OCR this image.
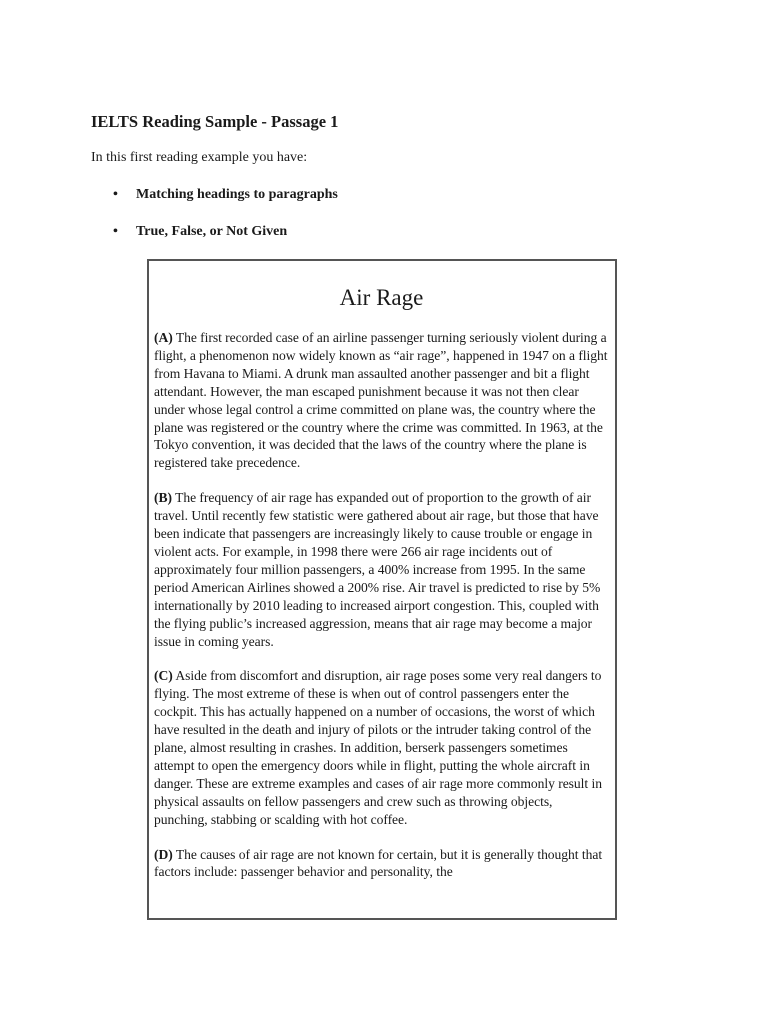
IELTS Reading Sample - Passage 1

In this first reading example you have:

• Matching headings to paragraphs
• True, False, or Not Given
Air Rage

(A) The first recorded case of an airline passenger turning seriously violent during a flight, a phenomenon now widely known as “air rage”, happened in 1947 on a flight from Havana to Miami. A drunk man assaulted another passenger and bit a flight attendant. However, the man escaped punishment because it was not then clear under whose legal control a crime committed on plane was, the country where the plane was registered or the country where the crime was committed. In 1963, at the Tokyo convention, it was decided that the laws of the country where the plane is registered take precedence.

(B) The frequency of air rage has expanded out of proportion to the growth of air travel. Until recently few statistic were gathered about air rage, but those that have been indicate that passengers are increasingly likely to cause trouble or engage in violent acts. For example, in 1998 there were 266 air rage incidents out of approximately four million passengers, a 400% increase from 1995. In the same period American Airlines showed a 200% rise. Air travel is predicted to rise by 5% internationally by 2010 leading to increased airport congestion. This, coupled with the flying public’s increased aggression, means that air rage may become a major issue in coming years.

(C) Aside from discomfort and disruption, air rage poses some very real dangers to flying. The most extreme of these is when out of control passengers enter the cockpit. This has actually happened on a number of occasions, the worst of which have resulted in the death and injury of pilots or the intruder taking control of the plane, almost resulting in crashes. In addition, berserk passengers sometimes attempt to open the emergency doors while in flight, putting the whole aircraft in danger. These are extreme examples and cases of air rage more commonly result in physical assaults on fellow passengers and crew such as throwing objects, punching, stabbing or scalding with hot coffee.

(D) The causes of air rage are not known for certain, but it is generally thought that factors include: passenger behavior and personality, the
